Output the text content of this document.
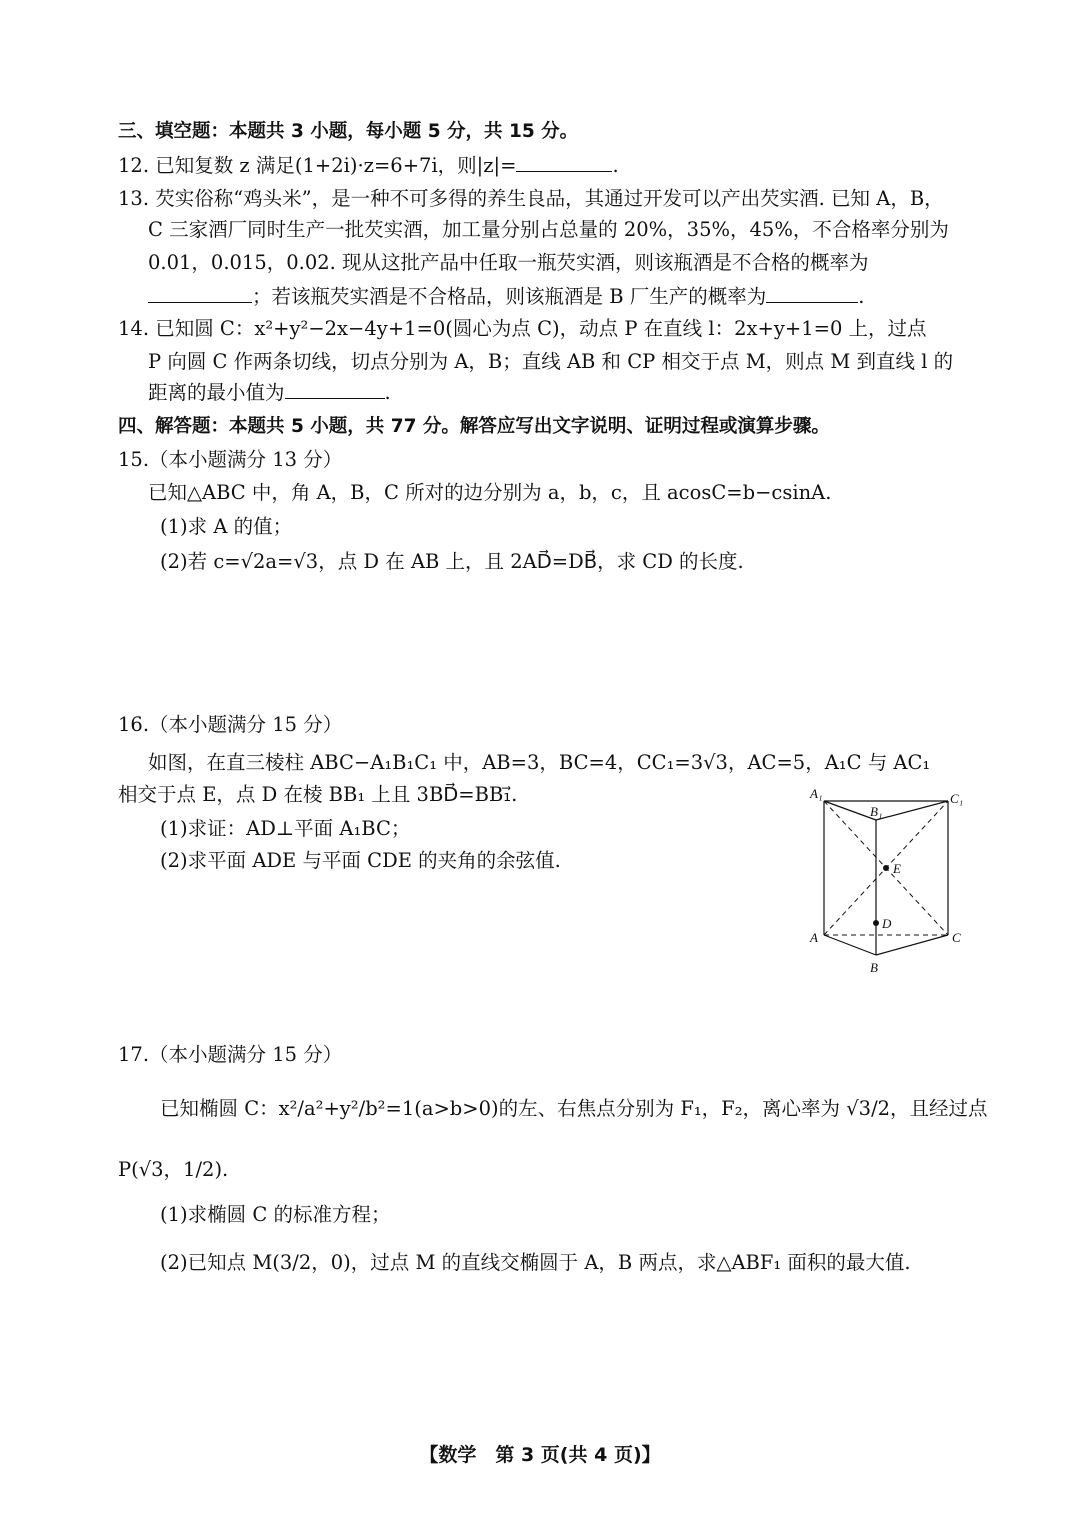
三、填空题：本题共 3 小题，每小题 5 分，共 15 分。
12. 已知复数 z 满足(1+2i)·z=6+7i，则|z|=	.
13. 芡实俗称“鸡头米”，是一种不可多得的养生良品，其通过开发可以产出芡实酒. 已知 A，B，
C 三家酒厂同时生产一批芡实酒，加工量分别占总量的 20%，35%，45%，不合格率分别为
0.01，0.015，0.02. 现从这批产品中任取一瓶芡实酒，则该瓶酒是不合格的概率为
；若该瓶芡实酒是不合格品，则该瓶酒是 B 厂生产的概率为	.
14. 已知圆 C：x²+y²−2x−4y+1=0(圆心为点 C)，动点 P 在直线 l：2x+y+1=0 上，过点
P 向圆 C 作两条切线，切点分别为 A，B；直线 AB 和 CP 相交于点 M，则点 M 到直线 l 的
距离的最小值为	.
四、解答题：本题共 5 小题，共 77 分。解答应写出文字说明、证明过程或演算步骤。
15.（本小题满分 13 分）
已知△ABC 中，角 A，B，C 所对的边分别为 a，b，c，且 acosC=b−csinA.
(1)求 A 的值；
(2)若 c=√2a=√3，点 D 在 AB 上，且 2AD⃗=DB⃗，求 CD 的长度.
16.（本小题满分 15 分）
如图，在直三棱柱 ABC−A₁B₁C₁ 中，AB=3，BC=4，CC₁=3√3，AC=5，A₁C 与 AC₁
相交于点 E，点 D 在棱 BB₁ 上且 3BD⃗=BB₁⃗.
(1)求证：AD⊥平面 A₁BC；
(2)求平面 ADE 与平面 CDE 的夹角的余弦值.
A₁
B₁
C₁
E
D
A
B
C
17.（本小题满分 15 分）
已知椭圆 C：x²/a²+y²/b²=1(a>b>0)的左、右焦点分别为 F₁，F₂，离心率为 √3/2，且经过点
P(√3，1/2).
(1)求椭圆 C 的标准方程；
(2)已知点 M(3/2，0)，过点 M 的直线交椭圆于 A，B 两点，求△ABF₁ 面积的最大值.
【数学　第 3 页(共 4 页)】
